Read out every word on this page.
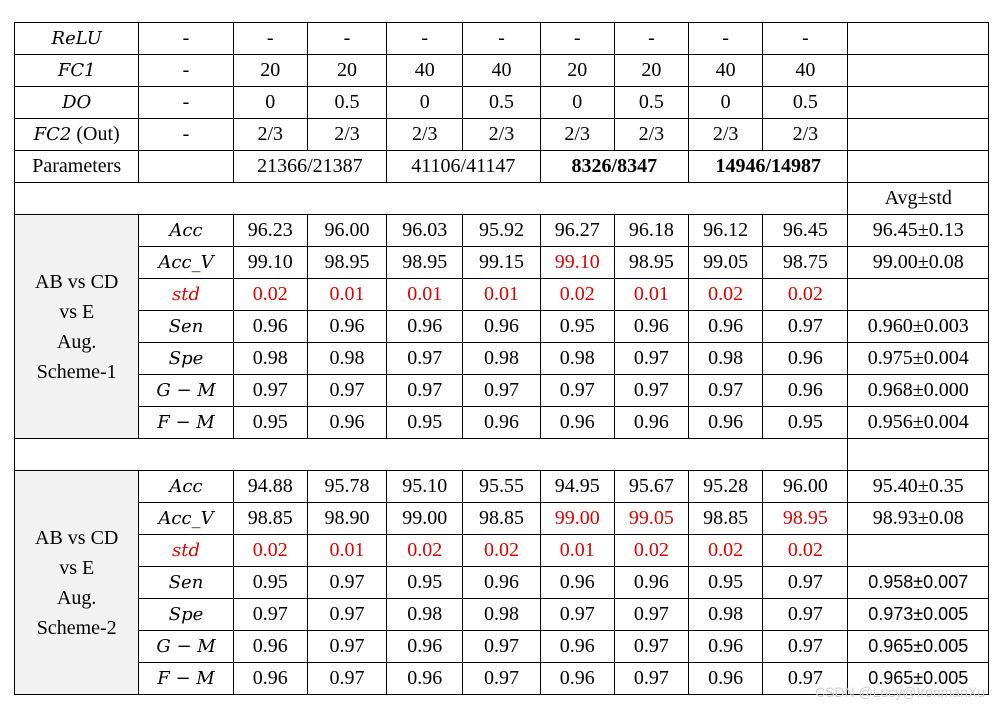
ReLU	-	-	-	-	-	-	-	-	-	
FC1	-	20	20	40	40	20	20	40	40	
DO	-	0	0.5	0	0.5	0	0.5	0	0.5	
FC2 (Out)	-	2/3	2/3	2/3	2/3	2/3	2/3	2/3	2/3	
Parameters		21366/21387		41106/41147		8326/8347		14946/14987		
										Avg±std

AB vs CD
vs E
Aug.
Scheme-1	Acc	96.23	96.00	96.03	95.92	96.27	96.18	96.12	96.45	96.45±0.13
	Acc_V	99.10	98.95	98.95	99.15	99.10	98.95	99.05	98.75	99.00±0.08
	std	0.02	0.01	0.01	0.01	0.02	0.01	0.02	0.02	
	Sen	0.96	0.96	0.96	0.96	0.95	0.96	0.96	0.97	0.960±0.003
	Spe	0.98	0.98	0.97	0.98	0.98	0.97	0.98	0.96	0.975±0.004
	G − M	0.97	0.97	0.97	0.97	0.97	0.97	0.97	0.96	0.968±0.000
	F − M	0.95	0.96	0.95	0.96	0.96	0.96	0.96	0.95	0.956±0.004

AB vs CD
vs E
Aug.
Scheme-2	Acc	94.88	95.78	95.10	95.55	94.95	95.67	95.28	96.00	95.40±0.35
	Acc_V	98.85	98.90	99.00	98.85	99.00	99.05	98.85	98.95	98.93±0.08
	std	0.02	0.01	0.02	0.02	0.01	0.02	0.02	0.02	
	Sen	0.95	0.97	0.95	0.96	0.96	0.96	0.95	0.97	0.958±0.007
	Spe	0.97	0.97	0.98	0.98	0.97	0.97	0.98	0.97	0.973±0.005
	G − M	0.96	0.97	0.96	0.97	0.96	0.97	0.96	0.97	0.965±0.005
	F − M	0.96	0.97	0.96	0.97	0.96	0.97	0.96	0.97	0.965±0.005
CSDN @Lucy@IronmanXu
